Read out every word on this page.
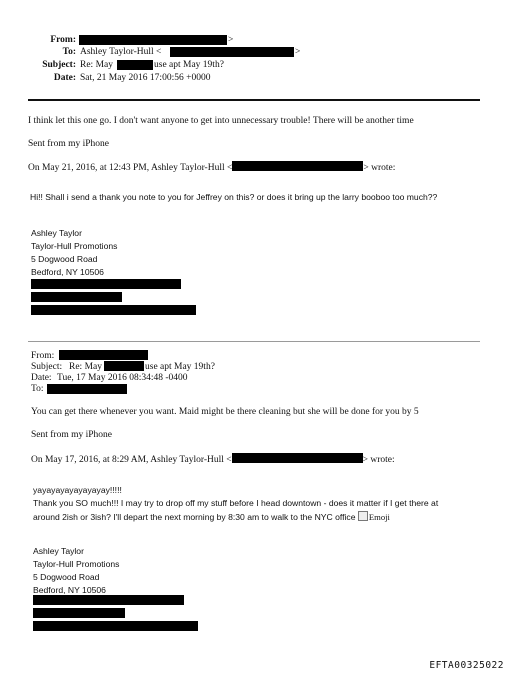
From:	>
To: Ashley Taylor-Hull <	>
Subject: Re: May	use apt May 19th?
Date: Sat, 21 May 2016 17:00:56 +0000
I think let this one go. I don't want anyone to get into unnecessary trouble! There will be another time
Sent from my iPhone
On May 21, 2016, at 12:43 PM, Ashley Taylor-Hull <	> wrote:
Hi!! Shall i send a thank you note to you for Jeffrey on this? or does it bring up the larry booboo too much??
Ashley Taylor
Taylor-Hull Promotions
5 Dogwood Road
Bedford, NY 10506
From:
Subject: Re: May	use apt May 19th?
Date: Tue, 17 May 2016 08:34:48 -0400
To:
You can get there whenever you want. Maid might be there cleaning but she will be done for you by 5
Sent from my iPhone
On May 17, 2016, at 8:29 AM, Ashley Taylor-Hull <	> wrote:
yayayayayayayayay!!!!!
Thank you SO much!!! I may try to drop off my stuff before I head downtown - does it matter if I get there at
around 2ish or 3ish? I'll depart the next morning by 8:30 am to walk to the NYC office Emoji
Ashley Taylor
Taylor-Hull Promotions
5 Dogwood Road
Bedford, NY 10506
EFTA00325022
